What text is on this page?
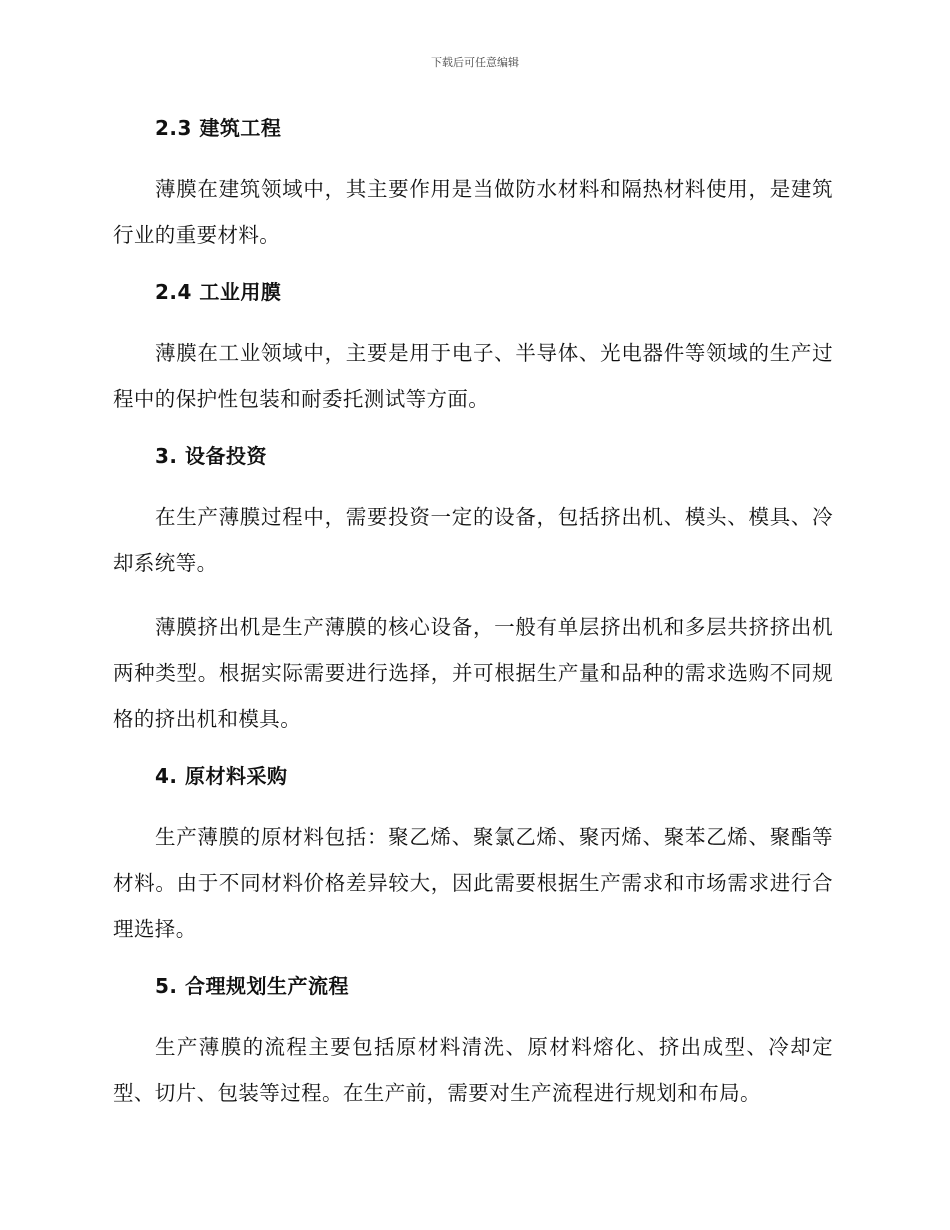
下载后可任意编辑
2.3 建筑工程

薄膜在建筑领域中，其主要作用是当做防水材料和隔热材料使用，是建筑行业的重要材料。

2.4 工业用膜

薄膜在工业领域中，主要是用于电子、半导体、光电器件等领域的生产过程中的保护性包装和耐委托测试等方面。

3. 设备投资

在生产薄膜过程中，需要投资一定的设备，包括挤出机、模头、模具、冷却系统等。

薄膜挤出机是生产薄膜的核心设备，一般有单层挤出机和多层共挤挤出机两种类型。根据实际需要进行选择，并可根据生产量和品种的需求选购不同规格的挤出机和模具。

4. 原材料采购

生产薄膜的原材料包括：聚乙烯、聚氯乙烯、聚丙烯、聚苯乙烯、聚酯等材料。由于不同材料价格差异较大，因此需要根据生产需求和市场需求进行合理选择。

5. 合理规划生产流程

生产薄膜的流程主要包括原材料清洗、原材料熔化、挤出成型、冷却定型、切片、包装等过程。在生产前，需要对生产流程进行规划和布局。
